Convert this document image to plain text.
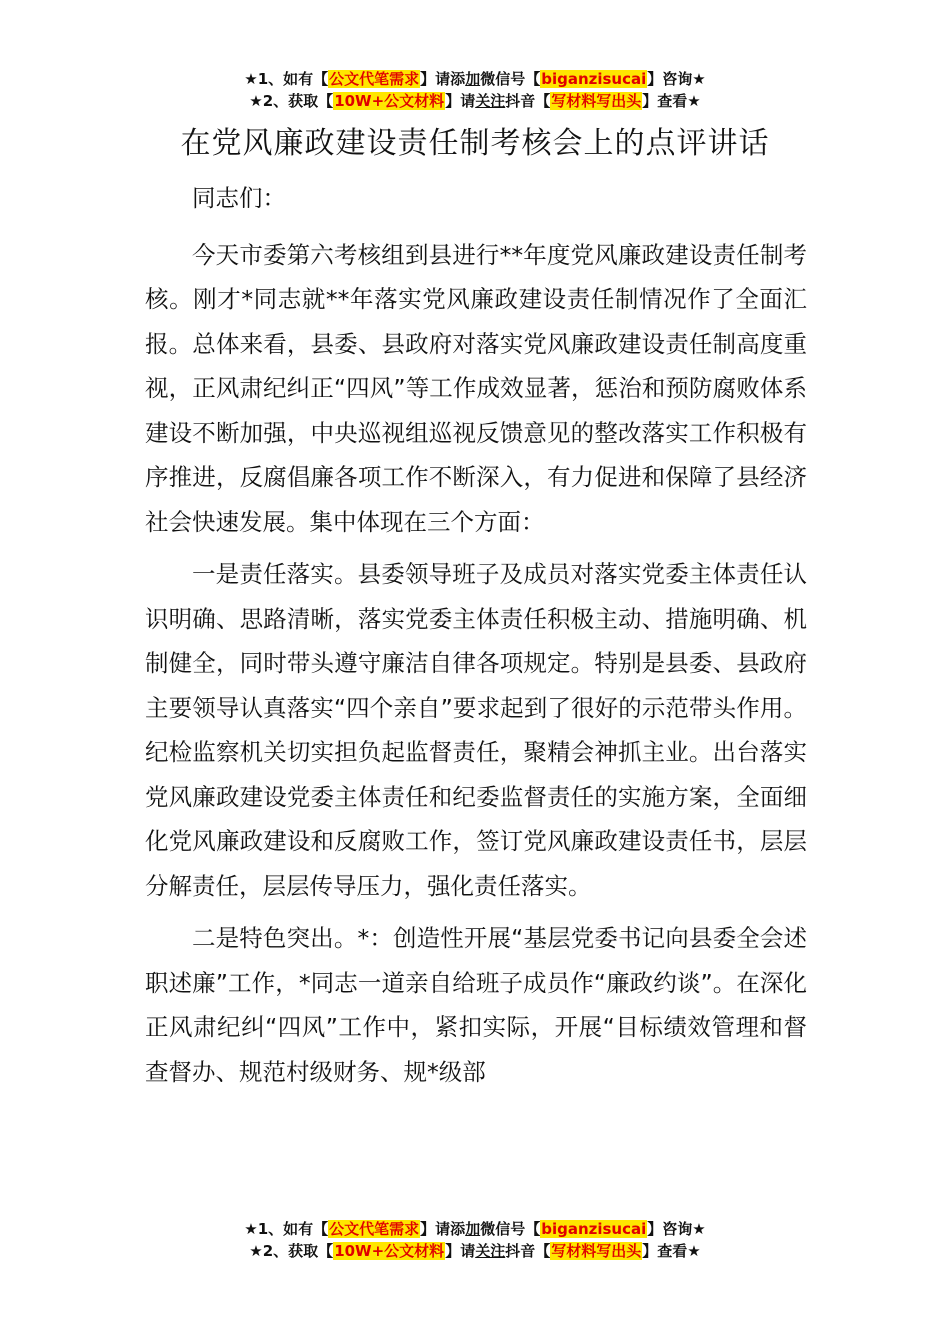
★1、如有【公文代笔需求】请添加微信号【biganzisucai】咨询★
★2、获取【10W+公文材料】请关注抖音【写材料写出头】查看★
在党风廉政建设责任制考核会上的点评讲话

同志们：

今天市委第六考核组到县进行**年度党风廉政建设责任制考核。刚才*同志就**年落实党风廉政建设责任制情况作了全面汇报。总体来看，县委、县政府对落实党风廉政建设责任制高度重视，正风肃纪纠正“四风”等工作成效显著，惩治和预防腐败体系建设不断加强，中央巡视组巡视反馈意见的整改落实工作积极有序推进，反腐倡廉各项工作不断深入，有力促进和保障了县经济社会快速发展。集中体现在三个方面：

一是责任落实。县委领导班子及成员对落实党委主体责任认识明确、思路清晰，落实党委主体责任积极主动、措施明确、机制健全，同时带头遵守廉洁自律各项规定。特别是县委、县政府主要领导认真落实“四个亲自”要求起到了很好的示范带头作用。纪检监察机关切实担负起监督责任，聚精会神抓主业。出台落实党风廉政建设党委主体责任和纪委监督责任的实施方案，全面细化党风廉政建设和反腐败工作，签订党风廉政建设责任书，层层分解责任，层层传导压力，强化责任落实。

二是特色突出。*：创造性开展“基层党委书记向县委全会述职述廉”工作，*同志一道亲自给班子成员作“廉政约谈”。在深化正风肃纪纠“四风”工作中，紧扣实际，开展“目标绩效管理和督查督办、规范村级财务、规*级部

★1、如有【公文代笔需求】请添加微信号【biganzisucai】咨询★
★2、获取【10W+公文材料】请关注抖音【写材料写出头】查看★
